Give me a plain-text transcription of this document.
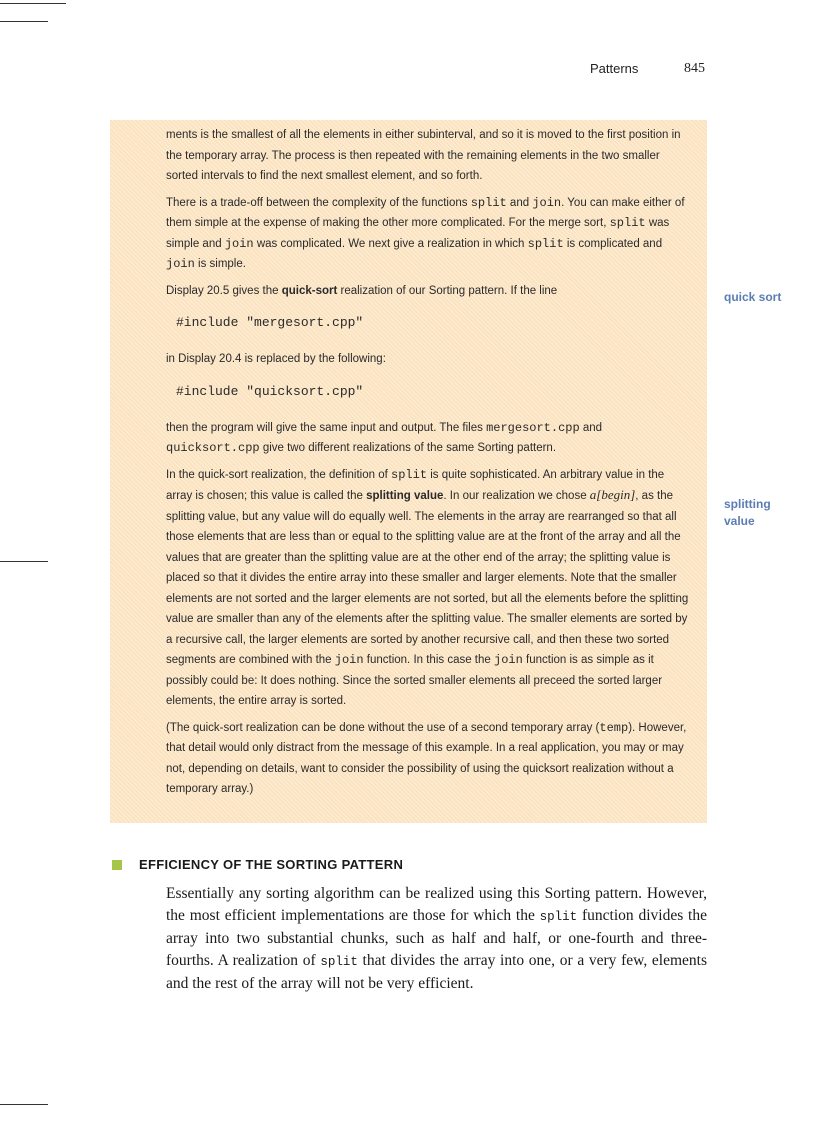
Patterns	845

ments is the smallest of all the elements in either subinterval, and so it is moved to the first position in the temporary array. The process is then repeated with the remaining elements in the two smaller sorted intervals to find the next smallest element, and so forth.

There is a trade-off between the complexity of the functions split and join. You can make either of them simple at the expense of making the other more complicated. For the merge sort, split was simple and join was complicated. We next give a realization in which split is complicated and join is simple.

Display 20.5 gives the quick-sort realization of our Sorting pattern. If the line

#include "mergesort.cpp"

in Display 20.4 is replaced by the following:

#include "quicksort.cpp"

then the program will give the same input and output. The files mergesort.cpp and quicksort.cpp give two different realizations of the same Sorting pattern.

In the quick-sort realization, the definition of split is quite sophisticated. An arbitrary value in the array is chosen; this value is called the splitting value. In our realization we chose a[begin], as the splitting value, but any value will do equally well. The elements in the array are rearranged so that all those elements that are less than or equal to the splitting value are at the front of the array and all the values that are greater than the splitting value are at the other end of the array; the splitting value is placed so that it divides the entire array into these smaller and larger elements. Note that the smaller elements are not sorted and the larger elements are not sorted, but all the elements before the splitting value are smaller than any of the elements after the splitting value. The smaller elements are sorted by a recursive call, the larger elements are sorted by another recursive call, and then these two sorted segments are combined with the join function. In this case the join function is as simple as it possibly could be: It does nothing. Since the sorted smaller elements all preceed the sorted larger elements, the entire array is sorted.

(The quick-sort realization can be done without the use of a second temporary array (temp). However, that detail would only distract from the message of this example. In a real application, you may or may not, depending on details, want to consider the possibility of using the quicksort realization without a temporary array.)

quick sort
splitting value
EFFICIENCY OF THE SORTING PATTERN
Essentially any sorting algorithm can be realized using this Sorting pattern. However, the most efficient implementations are those for which the split function divides the array into two substantial chunks, such as half and half, or one-fourth and three-fourths. A realization of split that divides the array into one, or a very few, elements and the rest of the array will not be very efficient.
